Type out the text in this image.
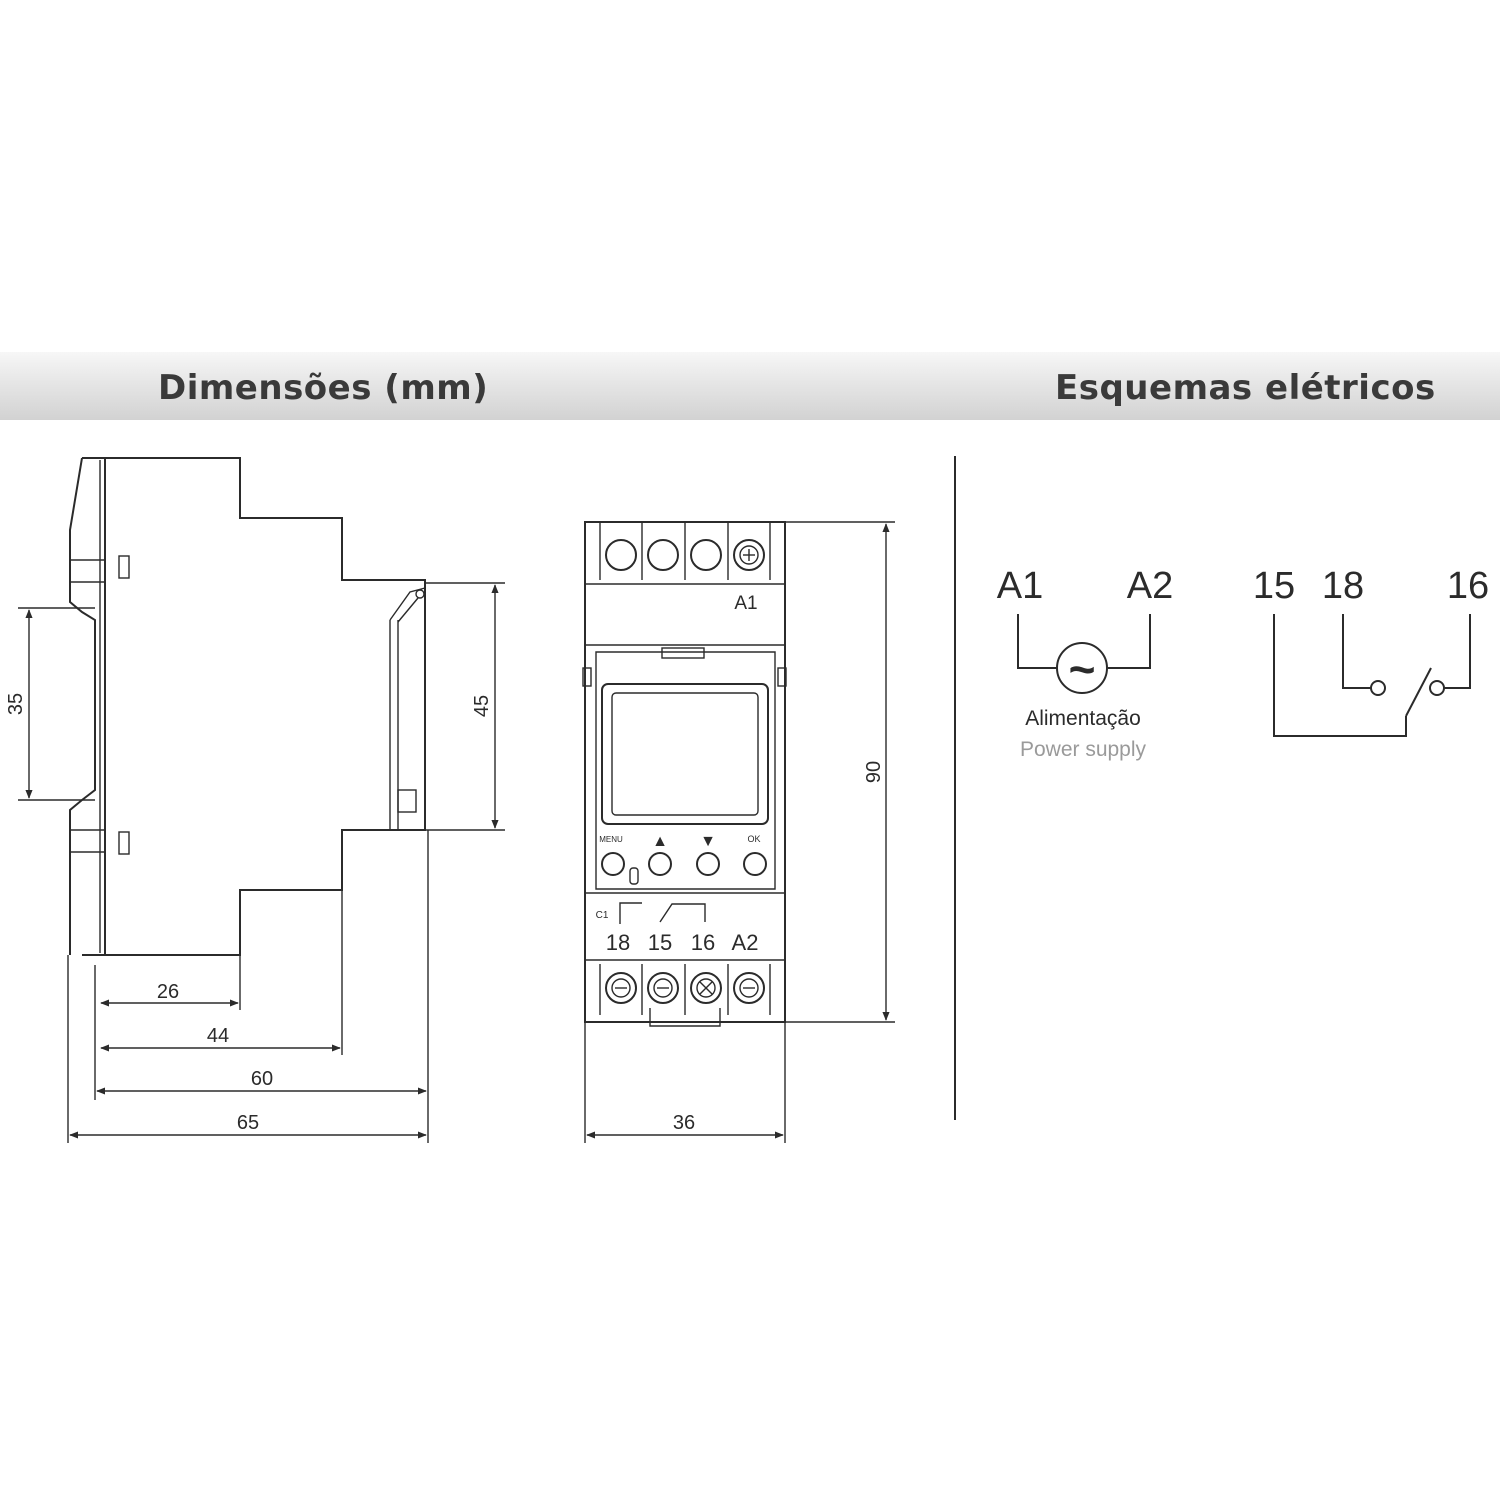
Dimensões (mm)	Esquemas elétricos
26
44
60
65
35	45
A1
MENU ▲ ▼	OK
C1
18 15 16 A2
90
36
A1 A2
~
Alimentação
Power supply
15 18 16
